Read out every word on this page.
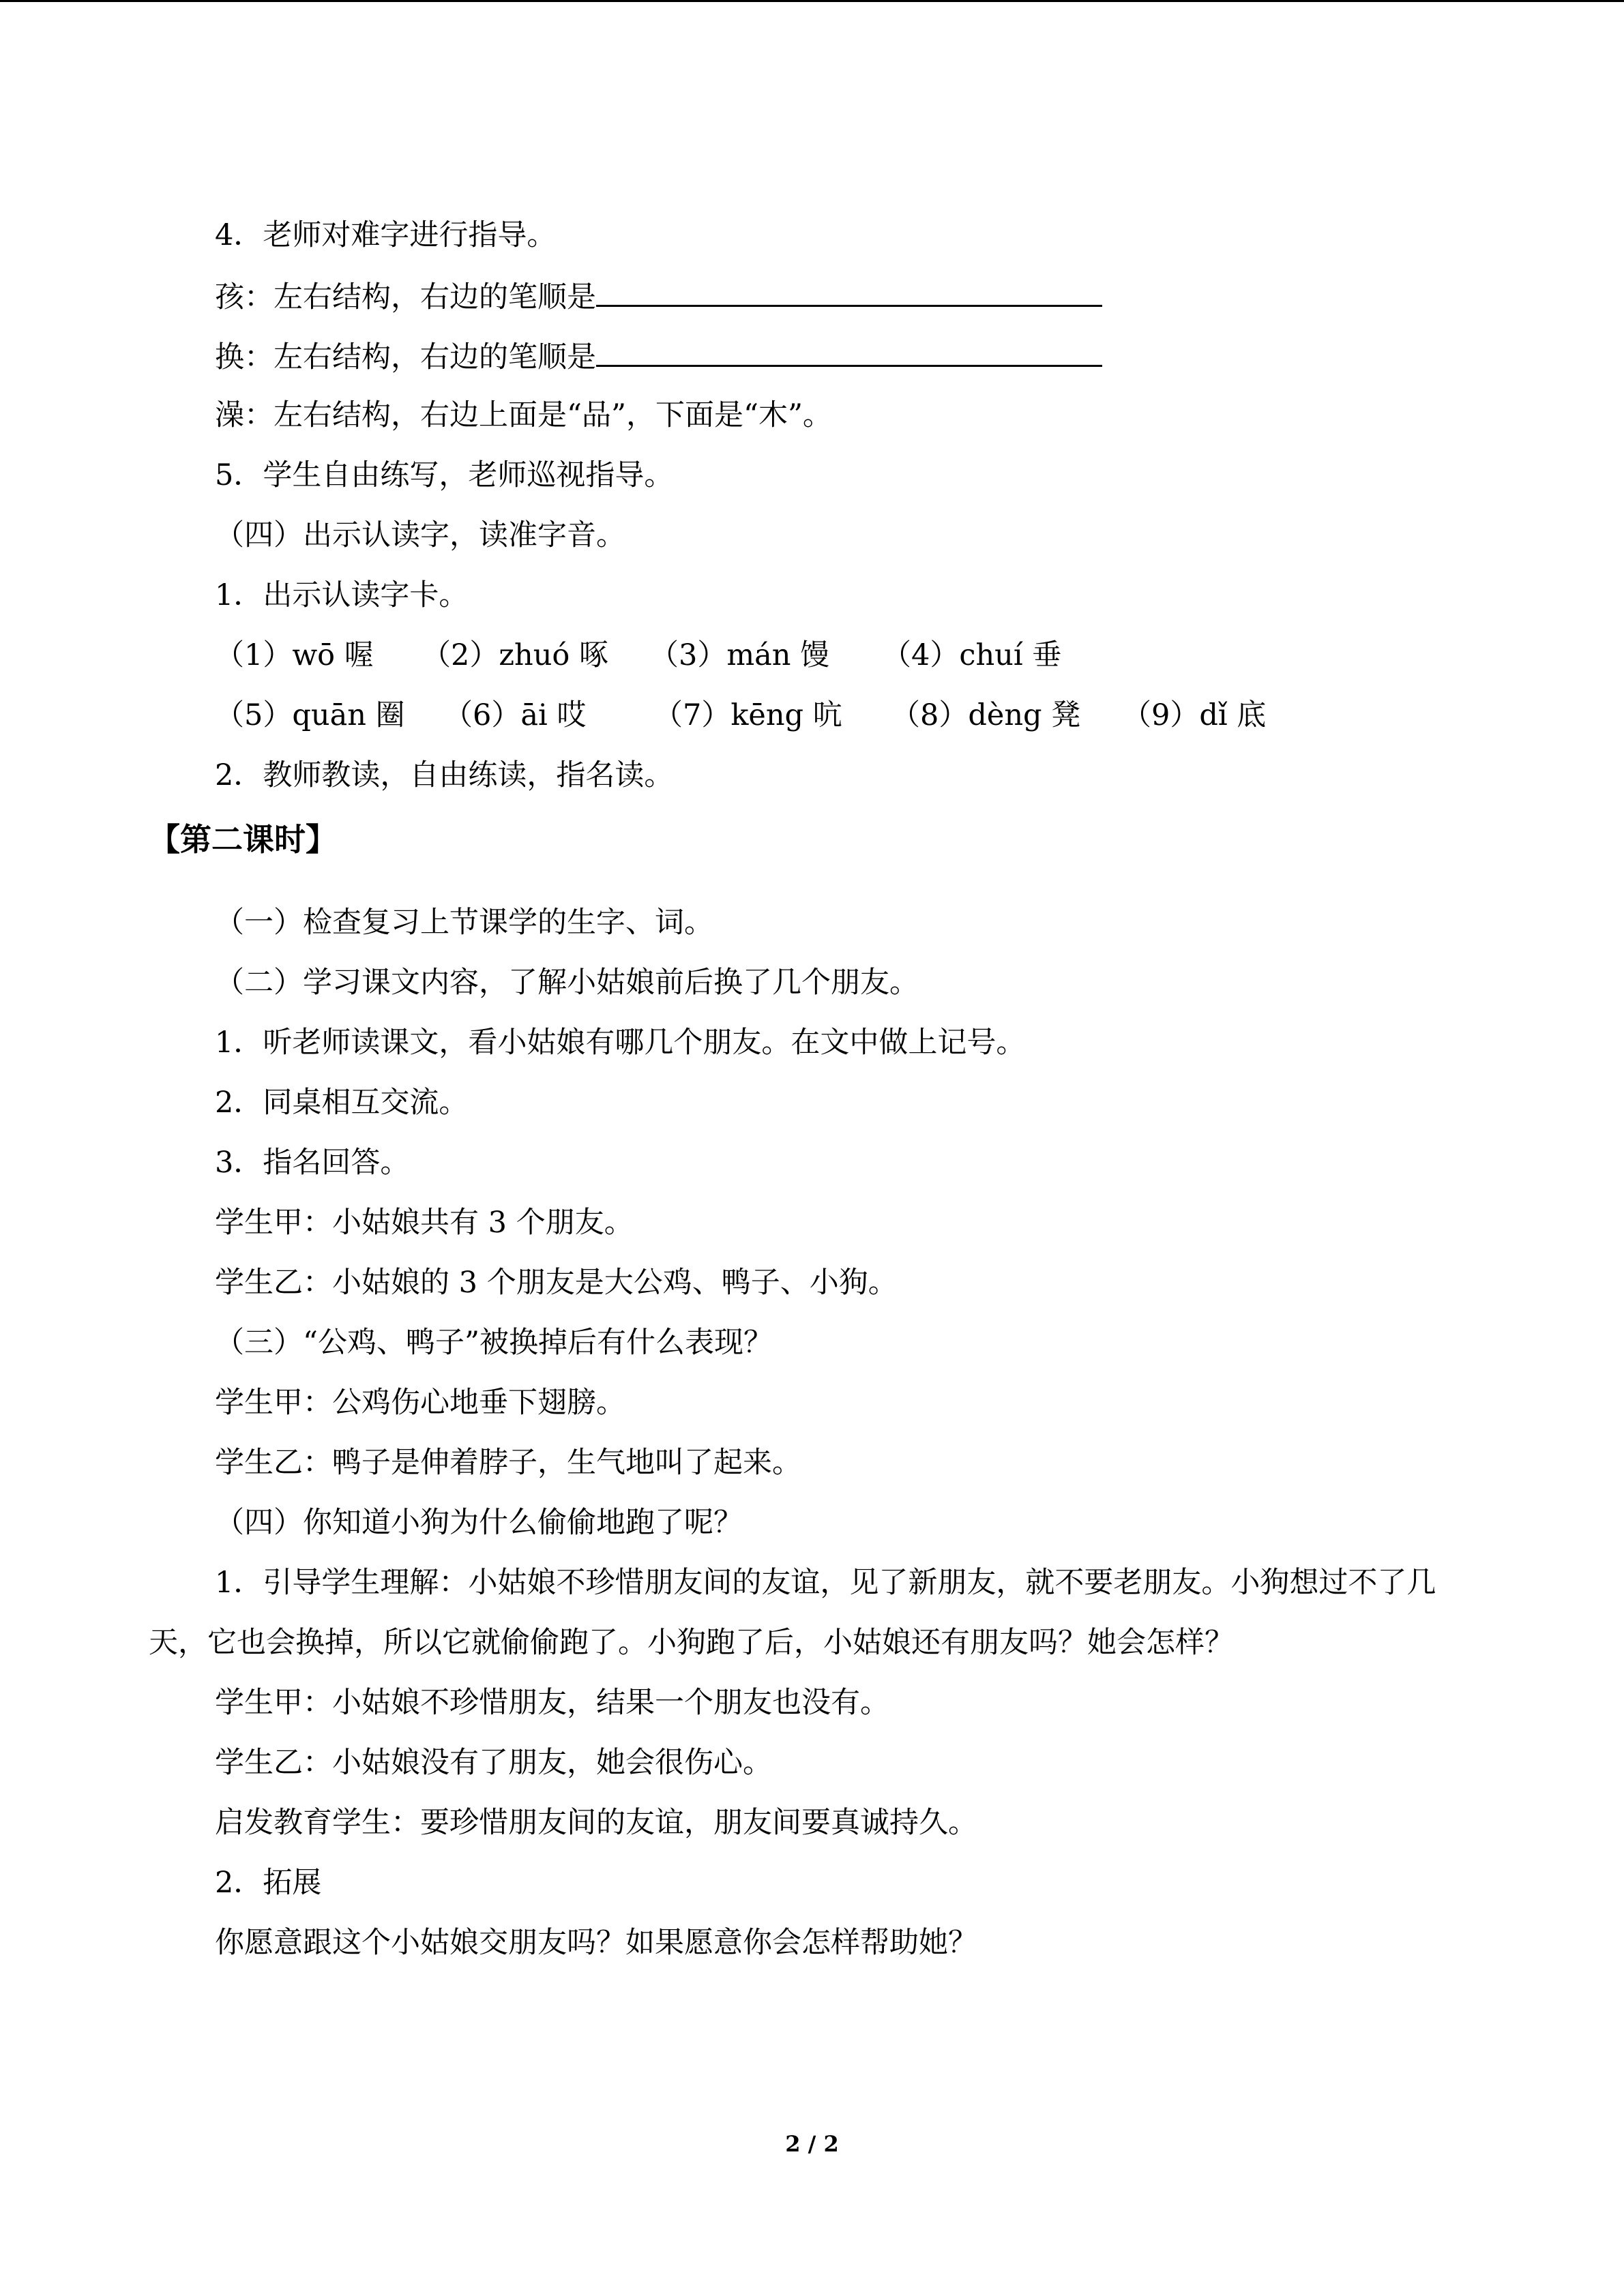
4．老师对难字进行指导。
孩：左右结构，右边的笔顺是
换：左右结构，右边的笔顺是
澡：左右结构，右边上面是“品”，下面是“木”。
5．学生自由练写，老师巡视指导。
（四）出示认读字，读准字音。
1．出示认读字卡。
（1）wō 喔 （2）zhuó 啄 （3）mán 馒 （4）chuí 垂
（5）quān 圈 （6）āi 哎 （7）kēng 吭 （8）dèng 凳 （9）dǐ 底
2．教师教读，自由练读，指名读。
【第二课时】
（一）检查复习上节课学的生字、词。
（二）学习课文内容，了解小姑娘前后换了几个朋友。
1．听老师读课文，看小姑娘有哪几个朋友。在文中做上记号。
2．同桌相互交流。
3．指名回答。
学生甲：小姑娘共有 3 个朋友。
学生乙：小姑娘的 3 个朋友是大公鸡、鸭子、小狗。
（三）“公鸡、鸭子”被换掉后有什么表现？
学生甲：公鸡伤心地垂下翅膀。
学生乙：鸭子是伸着脖子，生气地叫了起来。
（四）你知道小狗为什么偷偷地跑了呢？
1．引导学生理解：小姑娘不珍惜朋友间的友谊，见了新朋友，就不要老朋友。小狗想过不了几天，它也会换掉，所以它就偷偷跑了。小狗跑了后，小姑娘还有朋友吗？她会怎样？
学生甲：小姑娘不珍惜朋友，结果一个朋友也没有。
学生乙：小姑娘没有了朋友，她会很伤心。
启发教育学生：要珍惜朋友间的友谊，朋友间要真诚持久。
2．拓展
你愿意跟这个小姑娘交朋友吗？如果愿意你会怎样帮助她？
2 / 2
